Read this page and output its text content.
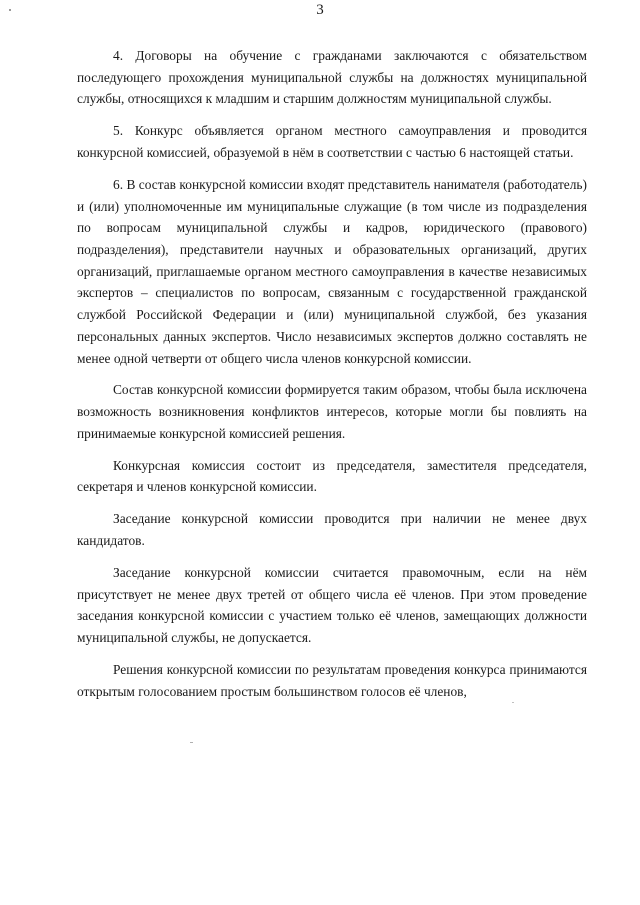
3

4. Договоры на обучение с гражданами заключаются с обязательством последующего прохождения муниципальной службы на должностях муниципальной службы, относящихся к младшим и старшим должностям муниципальной службы.

5. Конкурс объявляется органом местного самоуправления и проводится конкурсной комиссией, образуемой в нём в соответствии с частью 6 настоящей статьи.

6. В состав конкурсной комиссии входят представитель нанимателя (работодатель) и (или) уполномоченные им муниципальные служащие (в том числе из подразделения по вопросам муниципальной службы и кадров, юридического (правового) подразделения), представители научных и образовательных организаций, других организаций, приглашаемые органом местного самоуправления в качестве независимых экспертов – специалистов по вопросам, связанным с государственной гражданской службой Российской Федерации и (или) муниципальной службой, без указания персональных данных экспертов. Число независимых экспертов должно составлять не менее одной четверти от общего числа членов конкурсной комиссии.

Состав конкурсной комиссии формируется таким образом, чтобы была исключена возможность возникновения конфликтов интересов, которые могли бы повлиять на принимаемые конкурсной комиссией решения.

Конкурсная комиссия состоит из председателя, заместителя председателя, секретаря и членов конкурсной комиссии.

Заседание конкурсной комиссии проводится при наличии не менее двух кандидатов.

Заседание конкурсной комиссии считается правомочным, если на нём присутствует не менее двух третей от общего числа её членов. При этом проведение заседания конкурсной комиссии с участием только её членов, замещающих должности муниципальной службы, не допускается.

Решения конкурсной комиссии по результатам проведения конкурса принимаются открытым голосованием простым большинством голосов её членов,
